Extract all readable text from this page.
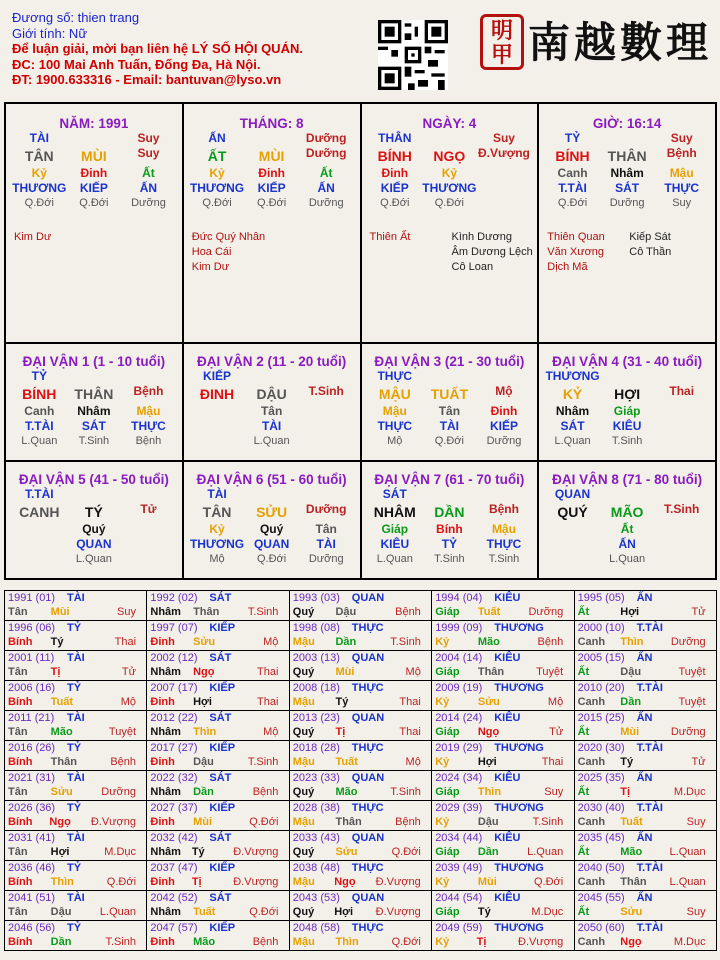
Đương số: thien trang
Giới tính: Nữ
Để luận giải, mời bạn liên hệ LÝ SỐ HỘI QUÁN.
ĐC: 100 Mai Anh Tuấn, Đống Đa, Hà Nội.
ĐT: 1900.633316 - Email: bantuvan@lyso.vn
明 甲 南越數理
NĂM: 1991
TÀI	Suy
TÂN	MÙI	Suy
Kỷ	Đinh	Ất
THƯƠNG	KIẾP	ẤN
Q.Đới	Q.Đới	Dưỡng
Kim Dư
THÁNG: 8
ẤN	Dưỡng
ẤT	MÙI	Dưỡng
Kỷ	Đinh	Ất
THƯƠNG	KIẾP	ẤN
Q.Đới	Q.Đới	Dưỡng
Đức Quý Nhân
Hoa Cái
Kim Dư
NGÀY: 4
THÂN	Suy
BÍNH	NGỌ	Đ.Vượng
Đinh	Kỷ
KIẾP	THƯƠNG
Q.Đới	Q.Đới
Thiên Ất	Kình Dương
Âm Dương Lệch
Cô Loan
GIỜ: 16:14
TỶ	Suy
BÍNH	THÂN	Bệnh
Canh	Nhâm	Mậu
T.TÀI	SÁT	THỰC
Q.Đới	Dưỡng	Suy
Thiên Quan
Văn Xương
Dịch Mã
Kiếp Sát
Cô Thần
ĐẠI VẬN 1 (1 - 10 tuổi)
TỶ
BÍNH	THÂN	Bệnh
Canh	Nhâm	Mậu
T.TÀI	SÁT	THỰC
L.Quan	T.Sinh	Bệnh
ĐẠI VẬN 2 (11 - 20 tuổi)
KIẾP
ĐINH	DẬU	T.Sinh
Tân
TÀI
L.Quan
ĐẠI VẬN 3 (21 - 30 tuổi)
THỰC
MẬU	TUẤT	Mộ
Mậu	Tân	Đinh
THỰC	TÀI	KIẾP
Mộ	Q.Đới	Dưỡng
ĐẠI VẬN 4 (31 - 40 tuổi)
THƯƠNG
KỶ	HỢI	Thai
Nhâm	Giáp
SÁT	KIÊU
L.Quan	T.Sinh
ĐẠI VẬN 5 (41 - 50 tuổi)
T.TÀI
CANH	TÝ	Tử
Quý
QUAN
L.Quan
ĐẠI VẬN 6 (51 - 60 tuổi)
TÀI
TÂN	SỬU	Dưỡng
Kỷ	Quý	Tân
THƯƠNG QUAN	TÀI
Mộ	Q.Đới	Dưỡng
ĐẠI VẬN 7 (61 - 70 tuổi)
SÁT
NHÂM	DẦN	Bệnh
Giáp	Bính	Mậu
KIÊU	TỶ	THỰC
L.Quan	T.Sinh	T.Sinh
ĐẠI VẬN 8 (71 - 80 tuổi)
QUAN
QUÝ	MÃO	T.Sinh
Ất
ẤN
L.Quan
1991 (01) TÀI
Tân	Mùi	Suy
1992 (02) SÁT
Nhâm	Thân	T.Sinh
1993 (03) QUAN
Quý	Dậu	Bệnh
1994 (04) KIÊU
Giáp	Tuất	Dưỡng
1995 (05) ẤN
Ất	Hợi	Tử
1996 (06) TỶ
Bính	Tý	Thai
1997 (07) KIẾP
Đinh	Sửu	Mộ
1998 (08) THỰC
Mậu	Dần	T.Sinh
1999 (09) THƯƠNG
Kỷ	Mão	Bệnh
2000 (10) T.TÀI
Canh	Thìn	Dưỡng
2001 (11) TÀI
Tân	Tị	Tử
2002 (12) SÁT
Nhâm	Ngọ	Thai
2003 (13) QUAN
Quý	Mùi	Mộ
2004 (14) KIÊU
Giáp	Thân	Tuyệt
2005 (15) ẤN
Ất	Dậu	Tuyệt
2006 (16) TỶ
Bính	Tuất	Mộ
2007 (17) KIẾP
Đinh	Hợi	Thai
2008 (18) THỰC
Mậu	Tý	Thai
2009 (19) THƯƠNG
Kỷ	Sửu	Mộ
2010 (20) T.TÀI
Canh	Dần	Tuyệt
2011 (21) TÀI
Tân	Mão	Tuyệt
2012 (22) SÁT
Nhâm	Thìn	Mộ
2013 (23) QUAN
Quý	Tị	Thai
2014 (24) KIÊU
Giáp	Ngọ	Tử
2015 (25) ẤN
Ất	Mùi	Dưỡng
2016 (26) TỶ
Bính	Thân	Bệnh
2017 (27) KIẾP
Đinh	Dậu	T.Sinh
2018 (28) THỰC
Mậu	Tuất	Mộ
2019 (29) THƯƠNG
Kỷ	Hợi	Thai
2020 (30) T.TÀI
Canh	Tý	Tử
2021 (31) TÀI
Tân	Sửu	Dưỡng
2022 (32) SÁT
Nhâm	Dần	Bệnh
2023 (33) QUAN
Quý	Mão	T.Sinh
2024 (34) KIÊU
Giáp	Thìn	Suy
2025 (35) ẤN
Ất	Tị	M.Dục
2026 (36) TỶ
Bính	Ngọ	Đ.Vượng
2027 (37) KIẾP
Đinh	Mùi	Q.Đới
2028 (38) THỰC
Mậu	Thân	Bệnh
2029 (39) THƯƠNG
Kỷ	Dậu	T.Sinh
2030 (40) T.TÀI
Canh	Tuất	Suy
2031 (41) TÀI
Tân	Hợi	M.Dục
2032 (42) SÁT
Nhâm Tý	Đ.Vượng
2033 (43) QUAN
Quý	Sửu	Q.Đới
2034 (44) KIÊU
Giáp	Dần	L.Quan
2035 (45) ẤN
Ất	Mão	L.Quan
2036 (46) TỶ
Bính	Thìn	Q.Đới
2037 (47) KIẾP
Đinh	Tị	Đ.Vượng
2038 (48) THỰC
Mậu	Ngọ	Đ.Vượng
2039 (49) THƯƠNG
Kỷ	Mùi	Q.Đới
2040 (50) T.TÀI
Canh	Thân	L.Quan
2041 (51) TÀI
Tân	Dậu	L.Quan
2042 (52) SÁT
Nhâm	Tuất	Q.Đới
2043 (53) QUAN
Quý	Hợi	Đ.Vượng
2044 (54) KIÊU
Giáp	Tý	M.Dục
2045 (55) ẤN
Ất	Sửu	Suy
2046 (56) TỶ
Bính	Dần	T.Sinh
2047 (57) KIẾP
Đinh	Mão	Bệnh
2048 (58) THỰC
Mậu	Thìn	Q.Đới
2049 (59) THƯƠNG
Kỷ	Tị	Đ.Vượng
2050 (60) T.TÀI
Canh	Ngọ	M.Dục
